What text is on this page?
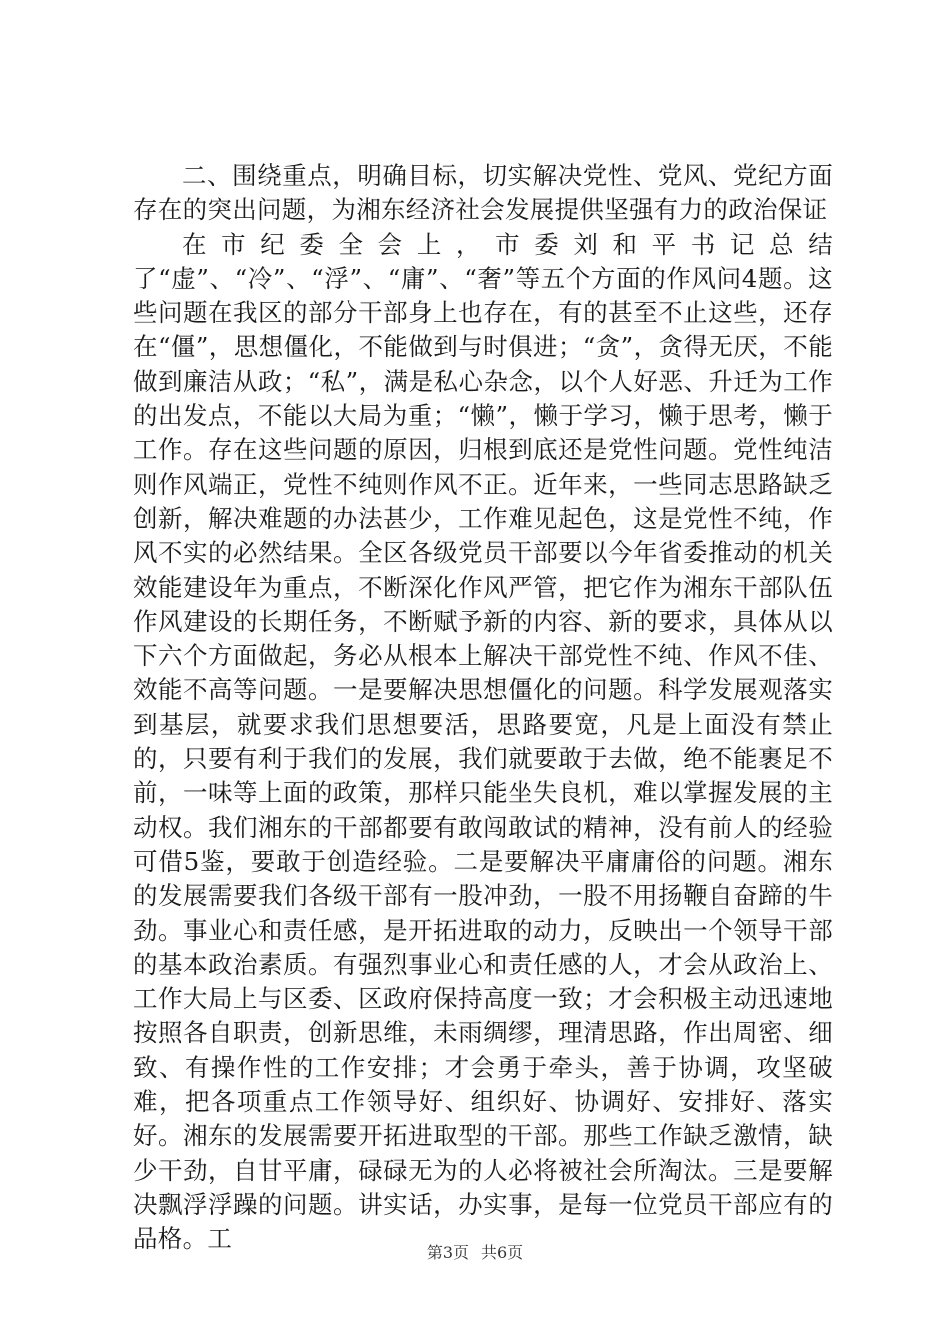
二、围绕重点，明确目标，切实解决党性、党风、党纪方面存在的突出问题，为湘东经济社会发展提供坚强有力的政治保证

在市纪委全会上，市委刘和平书记总结了“虚”、“冷”、“浮”、“庸”、“奢”等五个方面的作风问4题。这些问题在我区的部分干部身上也存在，有的甚至不止这些，还存在“僵”，思想僵化，不能做到与时俱进；“贪”，贪得无厌，不能做到廉洁从政；“私”，满是私心杂念，以个人好恶、升迁为工作的出发点，不能以大局为重；“懒”，懒于学习，懒于思考，懒于工作。存在这些问题的原因，归根到底还是党性问题。党性纯洁则作风端正，党性不纯则作风不正。近年来，一些同志思路缺乏创新，解决难题的办法甚少，工作难见起色，这是党性不纯，作风不实的必然结果。全区各级党员干部要以今年省委推动的机关效能建设年为重点，不断深化作风严管，把它作为湘东干部队伍作风建设的长期任务，不断赋予新的内容、新的要求，具体从以下六个方面做起，务必从根本上解决干部党性不纯、作风不佳、效能不高等问题。一是要解决思想僵化的问题。科学发展观落实到基层，就要求我们思想要活，思路要宽，凡是上面没有禁止的，只要有利于我们的发展，我们就要敢于去做，绝不能裹足不前，一味等上面的政策，那样只能坐失良机，难以掌握发展的主动权。我们湘东的干部都要有敢闯敢试的精神，没有前人的经验可借5鉴，要敢于创造经验。二是要解决平庸庸俗的问题。湘东的发展需要我们各级干部有一股冲劲，一股不用扬鞭自奋蹄的牛劲。事业心和责任感，是开拓进取的动力，反映出一个领导干部的基本政治素质。有强烈事业心和责任感的人，才会从政治上、工作大局上与区委、区政府保持高度一致；才会积极主动迅速地按照各自职责，创新思维，未雨绸缪，理清思路，作出周密、细致、有操作性的工作安排；才会勇于牵头，善于协调，攻坚破难，把各项重点工作领导好、组织好、协调好、安排好、落实好。湘东的发展需要开拓进取型的干部。那些工作缺乏激情，缺少干劲，自甘平庸，碌碌无为的人必将被社会所淘汰。三是要解决飘浮浮躁的问题。讲实话，办实事，是每一位党员干部应有的品格。工	第3页 共6页
